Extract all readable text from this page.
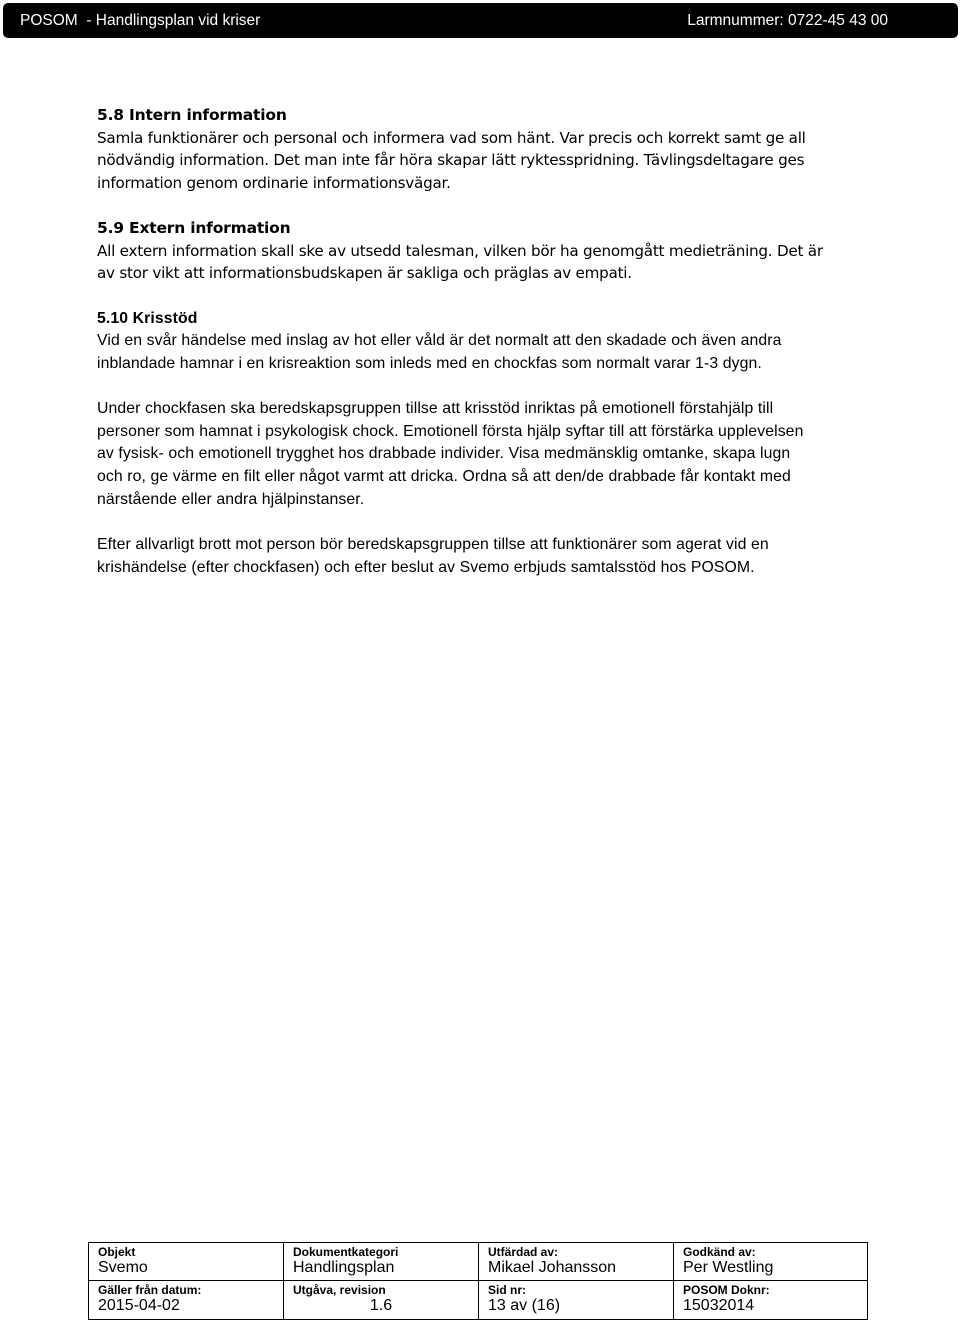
POSOM  - Handlingsplan vid kriser	Larmnummer: 0722-45 43 00

5.8 Intern information

Samla funktionärer och personal och informera vad som hänt. Var precis och korrekt samt ge all

nödvändig information. Det man inte får höra skapar lätt ryktesspridning. Tävlingsdeltagare ges

information genom ordinarie informationsvägar.

5.9 Extern information

All extern information skall ske av utsedd talesman, vilken bör ha genomgått medieträning. Det är

av stor vikt att informationsbudskapen är sakliga och präglas av empati.

5.10 Krisstöd

Vid en svår händelse med inslag av hot eller våld är det normalt att den skadade och även andra

inblandade hamnar i en krisreaktion som inleds med en chockfas som normalt varar 1-3 dygn.

Under chockfasen ska beredskapsgruppen tillse att krisstöd inriktas på emotionell förstahjälp till

personer som hamnat i psykologisk chock. Emotionell första hjälp syftar till att förstärka upplevelsen

av fysisk- och emotionell trygghet hos drabbade individer. Visa medmänsklig omtanke, skapa lugn

och ro, ge värme en filt eller något varmt att dricka. Ordna så att den/de drabbade får kontakt med

närstående eller andra hjälpinstanser.

Efter allvarligt brott mot person bör beredskapsgruppen tillse att funktionärer som agerat vid en

krishändelse (efter chockfasen) och efter beslut av Svemo erbjuds samtalsstöd hos POSOM.

Objekt
Svemo
Dokumentkategori
Handlingsplan
Utfärdad av:
Mikael Johansson
Godkänd av:
Per Westling
Gäller från datum:
2015-04-02
Utgåva, revision
1.6
Sid nr:
13 av (16)
POSOM Doknr:
15032014
